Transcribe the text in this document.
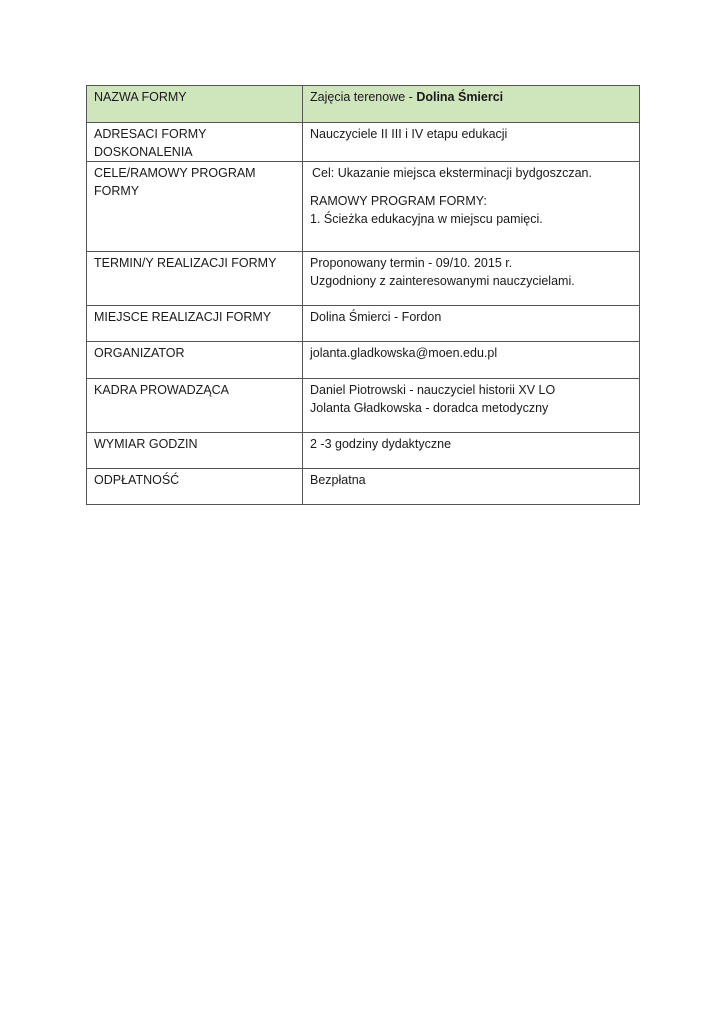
NAZWA FORMY	Zajęcia terenowe - Dolina Śmierci

ADRESACI FORMY
DOSKONALENIA	Nauczyciele II III i IV etapu edukacji

CELE/RAMOWY PROGRAM
FORMY	Cel: Ukazanie miejsca eksterminacji bydgoszczan.
RAMOWY PROGRAM FORMY:
1. Ścieżka edukacyjna w miejscu pamięci.

TERMIN/Y REALIZACJI FORMY	Proponowany termin - 09/10. 2015 r.
Uzgodniony z zainteresowanymi nauczycielami.

MIEJSCE REALIZACJI FORMY	Dolina Śmierci - Fordon
ORGANIZATOR	jolanta.gladkowska@moen.edu.pl
KADRA PROWADZĄCA	Daniel Piotrowski - nauczyciel historii XV LO
Jolanta Gładkowska - doradca metodyczny

WYMIAR GODZIN	2 -3 godziny dydaktyczne
ODPŁATNOŚĆ	Bezpłatna
